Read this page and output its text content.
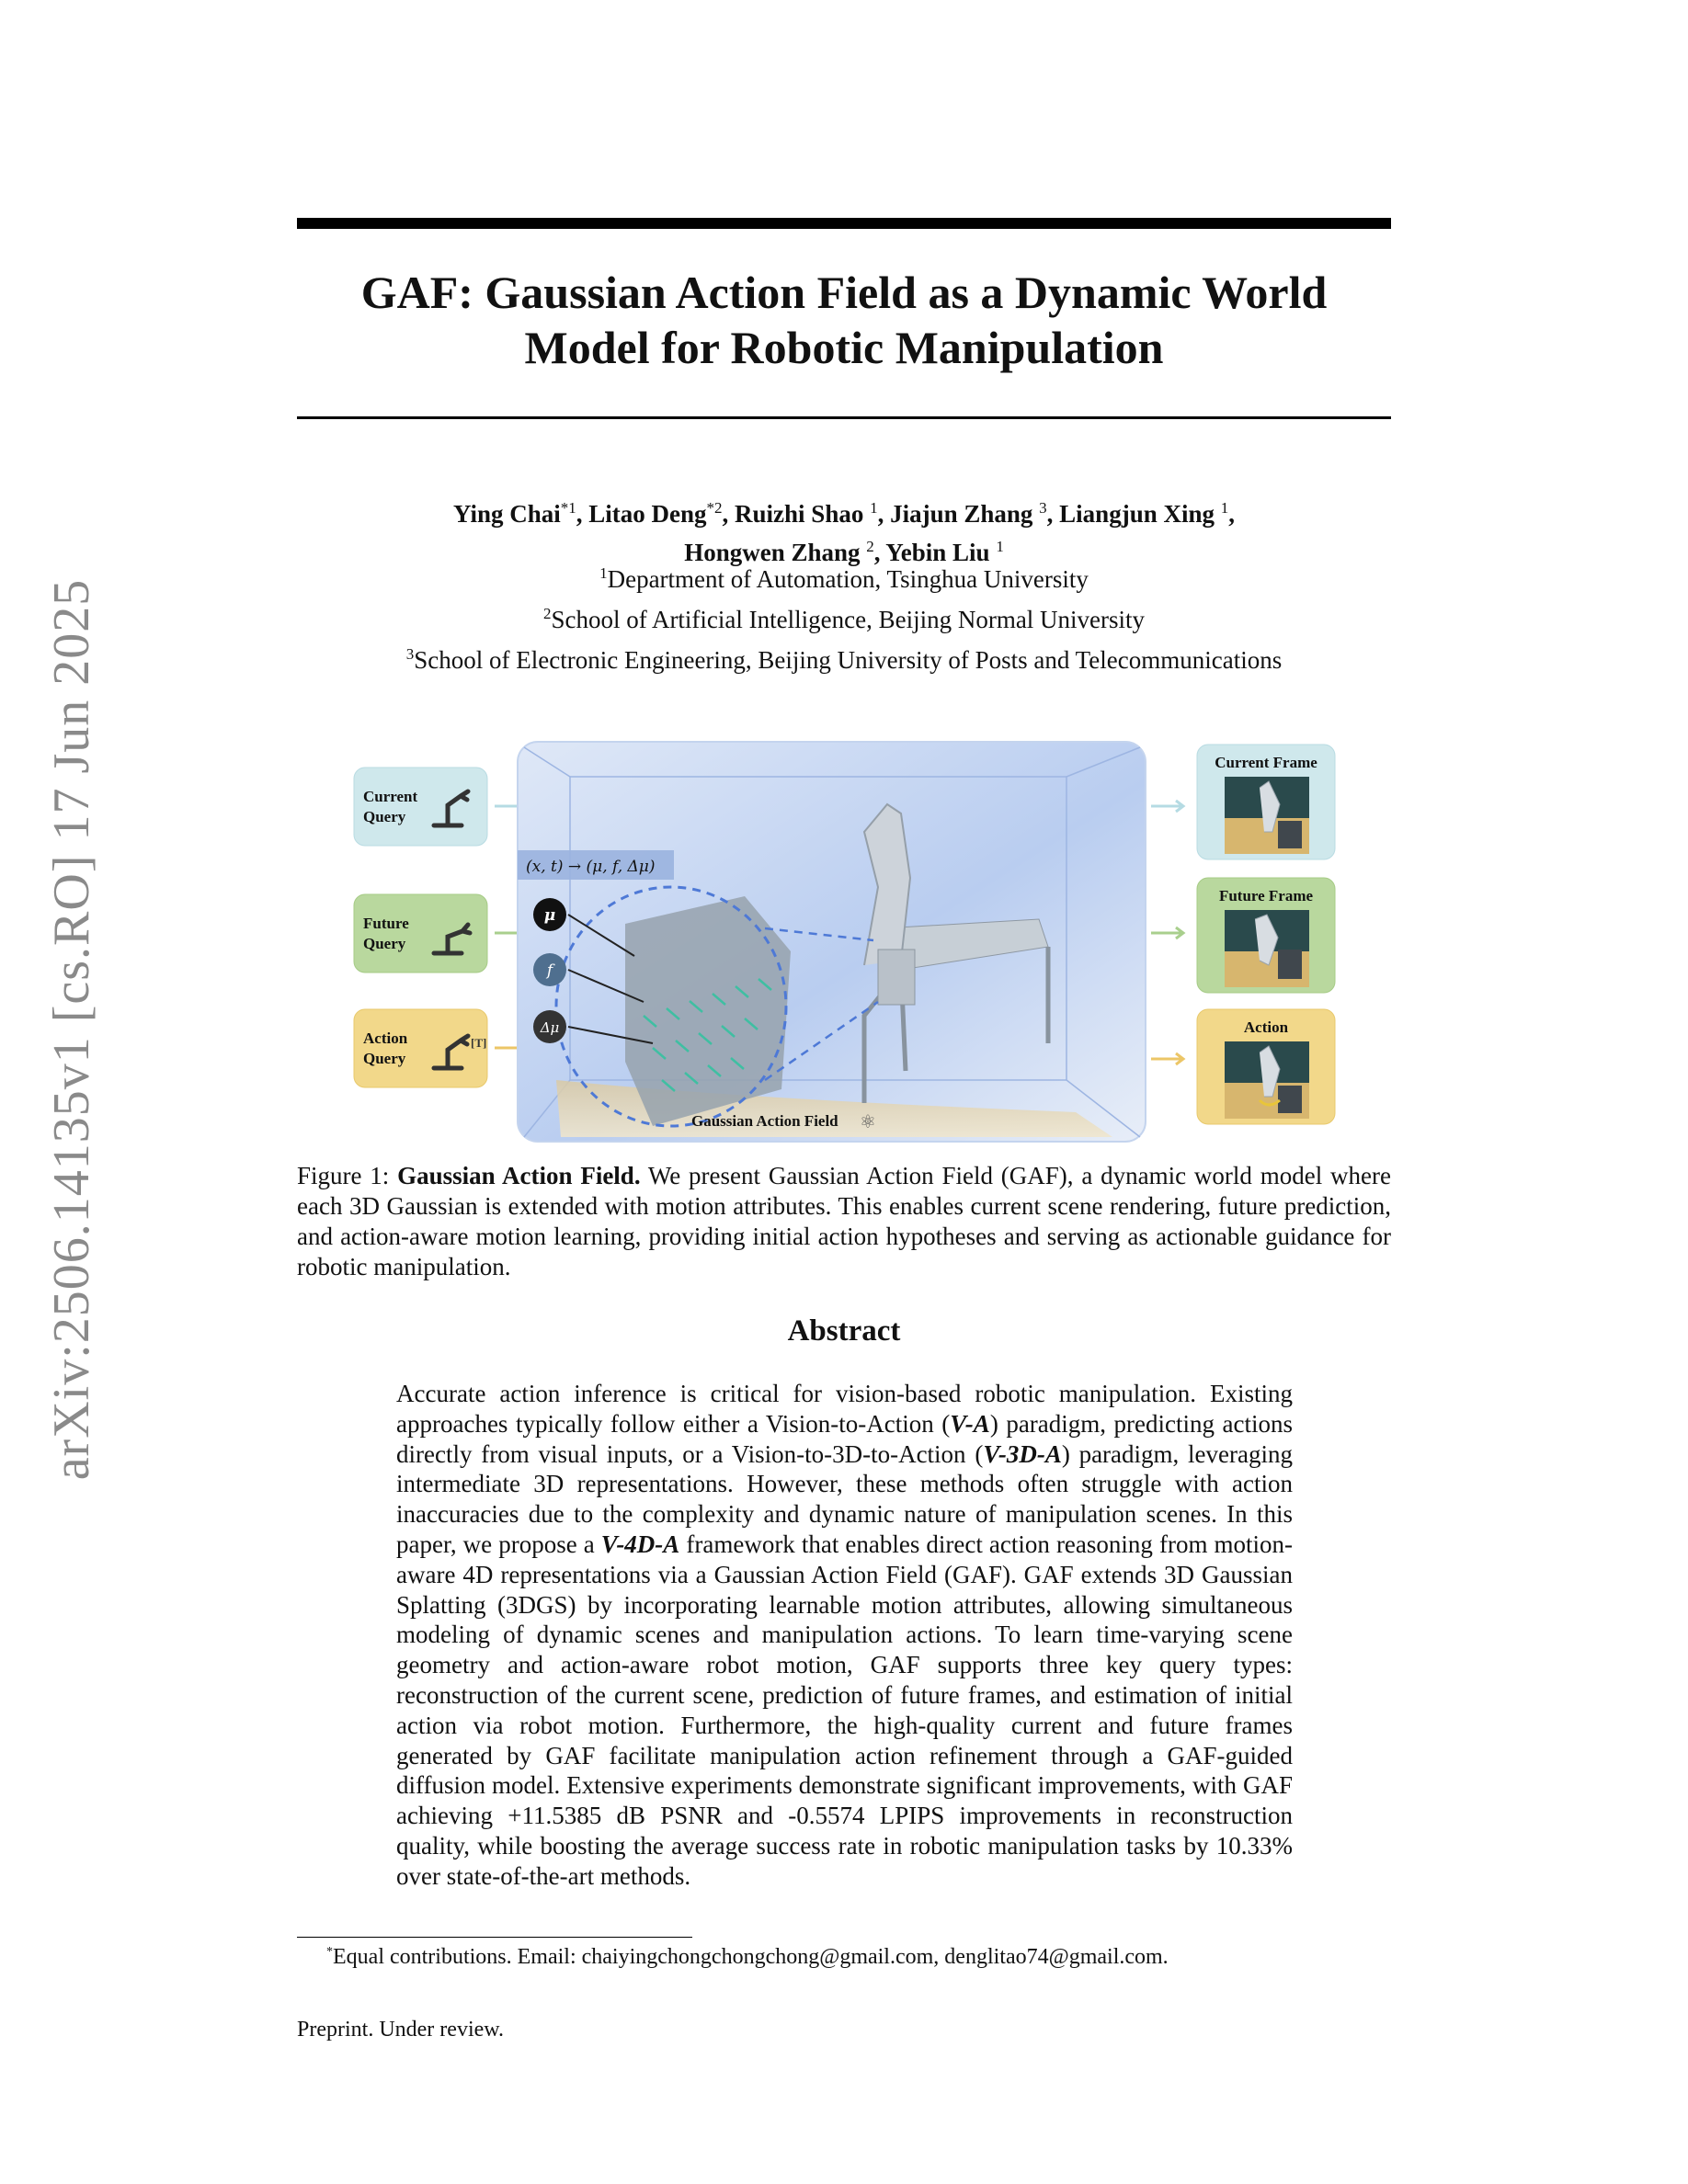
arXiv:2506.14135v1 [cs.RO] 17 Jun 2025
GAF: Gaussian Action Field as a Dynamic World
Model for Robotic Manipulation
Ying Chai$^{*1}$, Litao Deng$^{*2}$, Ruizhi Shao $^1$, Jiajun Zhang $^3$, Liangjun Xing $^1$,
Hongwen Zhang $^2$, Yebin Liu $^1$
$^1$Department of Automation, Tsinghua University
$^2$School of Artificial Intelligence, Beijing Normal University
$^3$School of Electronic Engineering, Beijing University of Posts and Telecommunications
Current
Query
Future
Query
Action
Query
[T]
(x, t) → (μ, f, Δμ)
μ
f
Δμ
Gaussian Action Field ⚛
Current Frame
Future Frame
Action
Figure 1: Gaussian Action Field. We present Gaussian Action Field (GAF), a dynamic world model where each 3D Gaussian is extended with motion attributes. This enables current scene rendering, future prediction, and action-aware motion learning, providing initial action hypotheses and serving as actionable guidance for robotic manipulation.
Abstract
Accurate action inference is critical for vision-based robotic manipulation. Existing approaches typically follow either a Vision-to-Action (V-A) paradigm, predicting actions directly from visual inputs, or a Vision-to-3D-to-Action (V-3D-A) paradigm, leveraging intermediate 3D representations. However, these methods often struggle with action inaccuracies due to the complexity and dynamic nature of manipulation scenes. In this paper, we propose a V-4D-A framework that enables direct action reasoning from motion-aware 4D representations via a Gaussian Action Field (GAF). GAF extends 3D Gaussian Splatting (3DGS) by incorporating learnable motion attributes, allowing simultaneous modeling of dynamic scenes and manipulation actions. To learn time-varying scene geometry and action-aware robot motion, GAF supports three key query types: reconstruction of the current scene, prediction of future frames, and estimation of initial action via robot motion. Furthermore, the high-quality current and future frames generated by GAF facilitate manipulation action refinement through a GAF-guided diffusion model. Extensive experiments demonstrate significant improvements, with GAF achieving +11.5385 dB PSNR and -0.5574 LPIPS improvements in reconstruction quality, while boosting the average success rate in robotic manipulation tasks by 10.33% over state-of-the-art methods.
*Equal contributions. Email: chaiyingchongchongchong@gmail.com, denglitao74@gmail.com.
Preprint. Under review.
